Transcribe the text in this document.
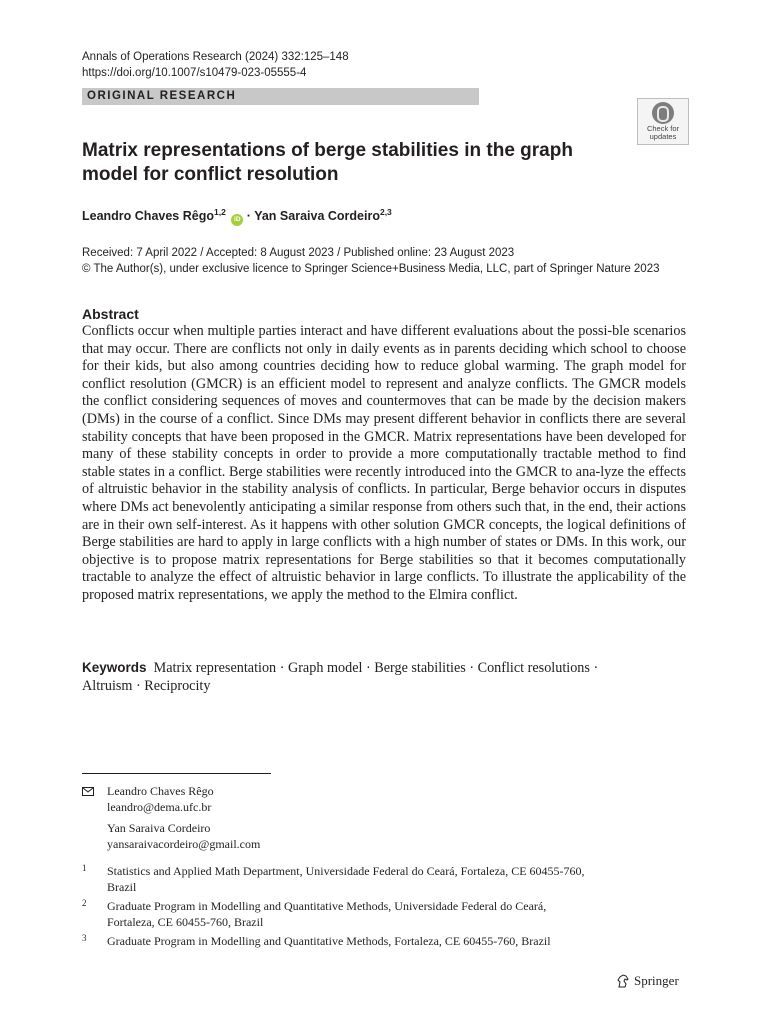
Annals of Operations Research (2024) 332:125–148
https://doi.org/10.1007/s10479-023-05555-4
ORIGINAL RESEARCH
Check for
updates
Matrix representations of berge stabilities in the graph
model for conflict resolution
Leandro Chaves Rêgo$^{1,2}$ iD · Yan Saraiva Cordeiro$^{2,3}$
Received: 7 April 2022 / Accepted: 8 August 2023 / Published online: 23 August 2023
© The Author(s), under exclusive licence to Springer Science+Business Media, LLC, part of Springer Nature 2023
Abstract
Conflicts occur when multiple parties interact and have different evaluations about the possi-ble scenarios that may occur. There are conflicts not only in daily events as in parents deciding which school to choose for their kids, but also among countries deciding how to reduce global warming. The graph model for conflict resolution (GMCR) is an efficient model to represent and analyze conflicts. The GMCR models the conflict considering sequences of moves and countermoves that can be made by the decision makers (DMs) in the course of a conflict. Since DMs may present different behavior in conflicts there are several stability concepts that have been proposed in the GMCR. Matrix representations have been developed for many of these stability concepts in order to provide a more computationally tractable method to find stable states in a conflict. Berge stabilities were recently introduced into the GMCR to ana-lyze the effects of altruistic behavior in the stability analysis of conflicts. In particular, Berge behavior occurs in disputes where DMs act benevolently anticipating a similar response from others such that, in the end, their actions are in their own self-interest. As it happens with other solution GMCR concepts, the logical definitions of Berge stabilities are hard to apply in large conflicts with a high number of states or DMs. In this work, our objective is to propose matrix representations for Berge stabilities so that it becomes computationally tractable to analyze the effect of altruistic behavior in large conflicts. To illustrate the applicability of the proposed matrix representations, we apply the method to the Elmira conflict.
Keywords Matrix representation · Graph model · Berge stabilities · Conflict resolutions ·
Altruism · Reciprocity
Leandro Chaves Rêgo
leandro@dema.ufc.br
Yan Saraiva Cordeiro
yansaraivacordeiro@gmail.com
1	Statistics and Applied Math Department, Universidade Federal do Ceará, Fortaleza, CE 60455-760,
Brazil
2	Graduate Program in Modelling and Quantitative Methods, Universidade Federal do Ceará,
Fortaleza, CE 60455-760, Brazil
3	Graduate Program in Modelling and Quantitative Methods, Fortaleza, CE 60455-760, Brazil
Springer
